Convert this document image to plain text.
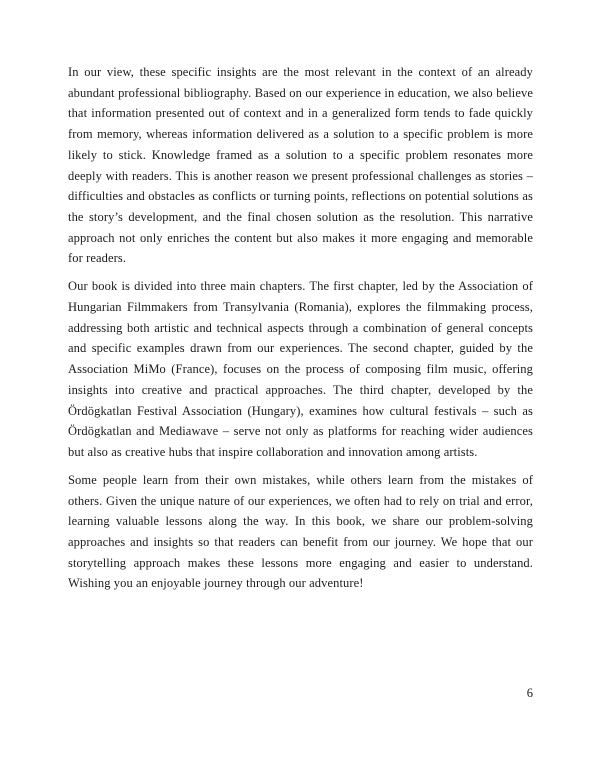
In our view, these specific insights are the most relevant in the context of an already abundant professional bibliography. Based on our experience in education, we also believe that information presented out of context and in a generalized form tends to fade quickly from memory, whereas information delivered as a solution to a specific problem is more likely to stick. Knowledge framed as a solution to a specific problem resonates more deeply with readers. This is another reason we present professional challenges as stories – difficulties and obstacles as conflicts or turning points, reflections on potential solutions as the story’s development, and the final chosen solution as the resolution. This narrative approach not only enriches the content but also makes it more engaging and memorable for readers.

Our book is divided into three main chapters. The first chapter, led by the Association of Hungarian Filmmakers from Transylvania (Romania), explores the filmmaking process, addressing both artistic and technical aspects through a combination of general concepts and specific examples drawn from our experiences. The second chapter, guided by the Association MiMo (France), focuses on the process of composing film music, offering insights into creative and practical approaches. The third chapter, developed by the Ördögkatlan Festival Association (Hungary), examines how cultural festivals – such as Ördögkatlan and Mediawave – serve not only as platforms for reaching wider audiences but also as creative hubs that inspire collaboration and innovation among artists.

Some people learn from their own mistakes, while others learn from the mistakes of others. Given the unique nature of our experiences, we often had to rely on trial and error, learning valuable lessons along the way. In this book, we share our problem-solving approaches and insights so that readers can benefit from our journey. We hope that our storytelling approach makes these lessons more engaging and easier to understand. Wishing you an enjoyable journey through our adventure!

6
